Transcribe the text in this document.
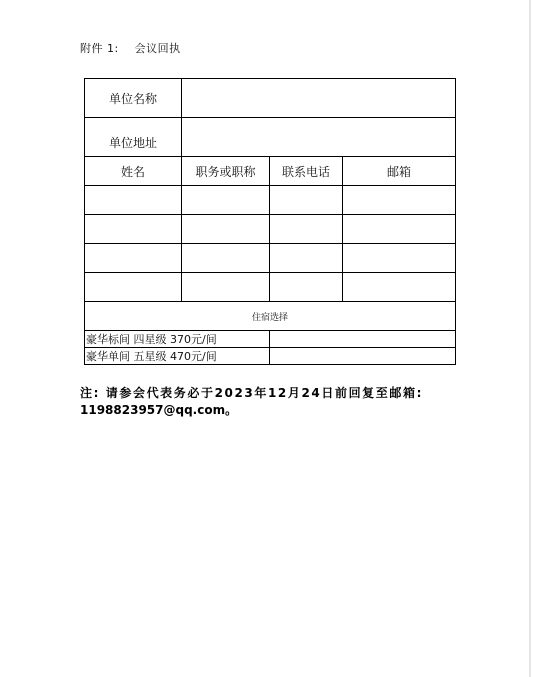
附件 1:    会议回执
单位名称			
单位地址			
姓名	职务或职称	联系电话	邮箱

住宿选择			
豪华标间 四星级 370元/间			
豪华单间 五星级 470元/间			
注: 请参会代表务必于2023年12月24日前回复至邮箱:
1198823957@qq.com。
